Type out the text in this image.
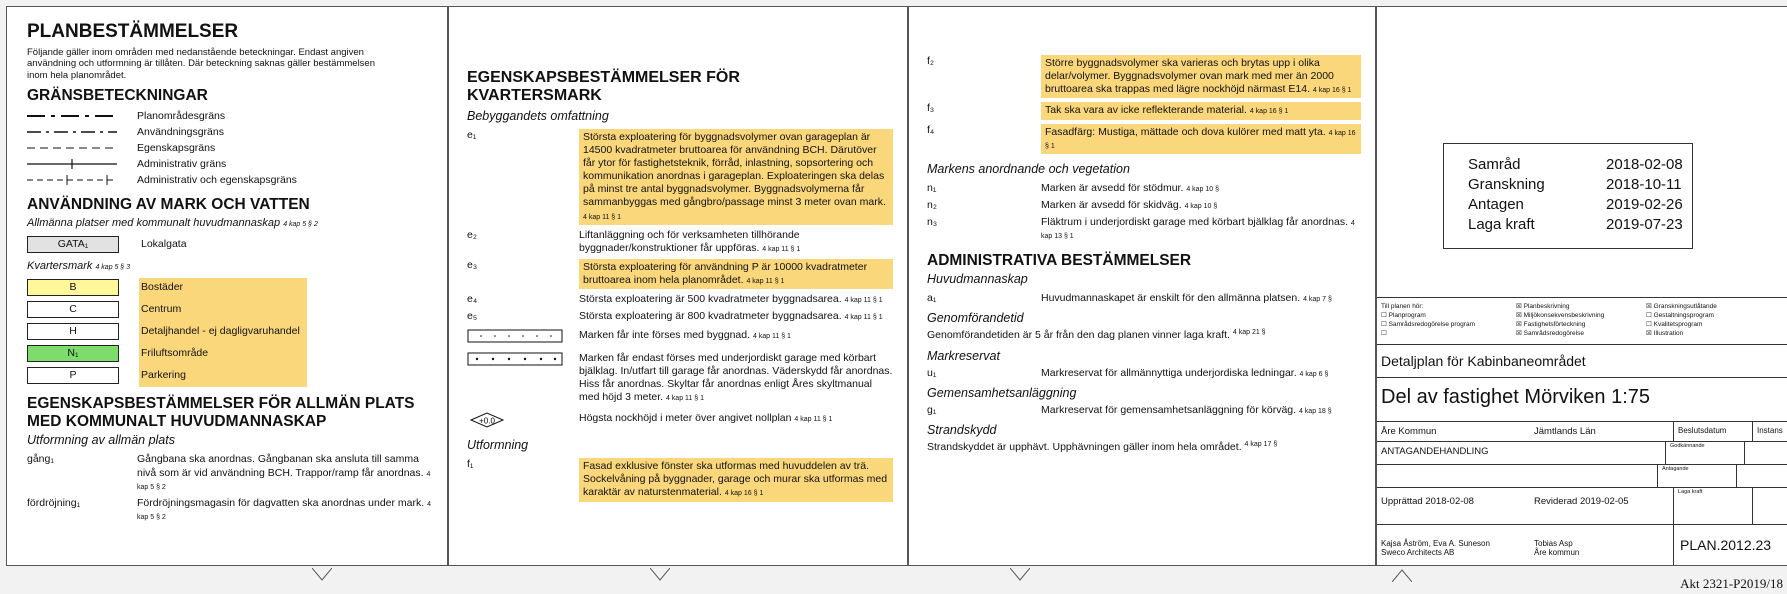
PLANBESTÄMMELSER
Följande gäller inom områden med nedanstående beteckningar. Endast angiven användning och utformning är tillåten. Där beteckning saknas gäller bestämmelsen inom hela planområdet.
GRÄNSBETECKNINGAR
Planområdesgräns
Användningsgräns
Egenskapsgräns
Administrativ gräns
Administrativ och egenskapsgräns
ANVÄNDNING AV MARK OCH VATTEN
Allmänna platser med kommunalt huvudmannaskap 4 kap 5 § 2
GATA₁	Lokalgata
Kvartersmark 4 kap 5 § 3
B	Bostäder
C	Centrum
H	Detaljhandel - ej dagligvaruhandel
N₁	Friluftsområde
P	Parkering
EGENSKAPSBESTÄMMELSER FÖR ALLMÄN PLATS MED KOMMUNALT HUVUDMANNASKAP
Utformning av allmän plats
gång₁	Gångbana ska anordnas. Gångbanan ska ansluta till samma nivå som är vid användning BCH. Trappor/ramp får anordnas. 4 kap 5 § 2
fördröjning₁	Fördröjningsmagasin för dagvatten ska anordnas under mark. 4 kap 5 § 2
EGENSKAPSBESTÄMMELSER FÖR KVARTERSMARK
Bebyggandets omfattning
e₁	Största exploatering för byggnadsvolymer ovan garageplan är 14500 kvadratmeter bruttoarea för användning BCH. Därutöver får ytor för fastighetsteknik, förråd, inlastning, sopsortering och kommunikation anordnas i garageplan. Exploateringen ska delas på minst tre antal byggnadsvolymer. Byggnadsvolymerna får sammanbyggas med gångbro/passage minst 3 meter ovan mark. 4 kap 11 § 1
e₂	Liftanläggning och för verksamheten tillhörande byggnader/konstruktioner får uppföras. 4 kap 11 § 1
e₃	Största exploatering för användning P är 10000 kvadratmeter bruttoarea inom hela planområdet. 4 kap 11 § 1
e₄	Största exploatering är 500 kvadratmeter byggnadsarea. 4 kap 11 § 1
e₅	Största exploatering är 800 kvadratmeter byggnadsarea. 4 kap 11 § 1
Marken får inte förses med byggnad. 4 kap 11 § 1
Marken får endast förses med underjordiskt garage med körbart bjälklag. In/utfart till garage får anordnas. Väderskydd får anordnas. Hiss får anordnas. Skyltar får anordnas enligt Åres skyltmanual med höjd 3 meter. 4 kap 11 § 1
+0.0	Högsta nockhöjd i meter över angivet nollplan 4 kap 11 § 1
Utformning
f₁	Fasad exklusive fönster ska utformas med huvuddelen av trä. Sockelvåning på byggnader, garage och murar ska utformas med karaktär av naturstenmaterial. 4 kap 16 § 1
f₂	Större byggnadsvolymer ska varieras och brytas upp i olika delar/volymer. Byggnadsvolymer ovan mark med mer än 2000 bruttoarea ska trappas med lägre nockhöjd närmast E14. 4 kap 16 § 1
f₃	Tak ska vara av icke reflekterande material. 4 kap 16 § 1
f₄	Fasadfärg: Mustiga, mättade och dova kulörer med matt yta. 4 kap 16 § 1
Markens anordnande och vegetation
n₁	Marken är avsedd för stödmur. 4 kap 10 §
n₂	Marken är avsedd för skidväg. 4 kap 10 §
n₃	Fläktrum i underjordiskt garage med körbart bjälklag får anordnas. 4 kap 13 § 1
ADMINISTRATIVA BESTÄMMELSER
Huvudmannaskap
a₁	Huvudmannaskapet är enskilt för den allmänna platsen. 4 kap 7 §
Genomförandetid
Genomförandetiden är 5 år från den dag planen vinner laga kraft.
4 kap 21 §
Markreservat
u₁	Markreservat för allmännyttiga underjordiska ledningar. 4 kap 6 §
Gemensamhetsanläggning
g₁	Markreservat för gemensamhetsanläggning för körväg. 4 kap 18 §
Strandskydd
Strandskyddet är upphävt. Upphävningen gäller inom hela området.
4 kap 17 §
Samråd	2018-02-08
Granskning	2018-10-11
Antagen	2019-02-26
Laga kraft	2019-07-23
Till planen hör:
☐ Planprogram
☐ Samrådsredogörelse program
☐
☒ Planbeskrivning
☒ Miljökonsekvensbeskrivning
☒ Fastighetsförteckning
☒ Samrådsredogörelse
☒ Granskningsutlåtande
☐ Gestaltningsprogram
☐ Kvalitetsprogram
☒ Illustration
Detaljplan för Kabinbaneområdet
Del av fastighet Mörviken 1:75
Åre Kommun	Jämtlands Län	Beslutsdatum	Instans
ANTAGANDEHANDLING	Godkännande
Antagande
Upprättad 2018-02-08	Reviderad 2019-02-05
Laga kraft
Kajsa Åström, Eva A. Suneson
Sweco Architects AB
Tobias Asp
Åre kommun	PLAN.2012.23
Akt 2321-P2019/18
